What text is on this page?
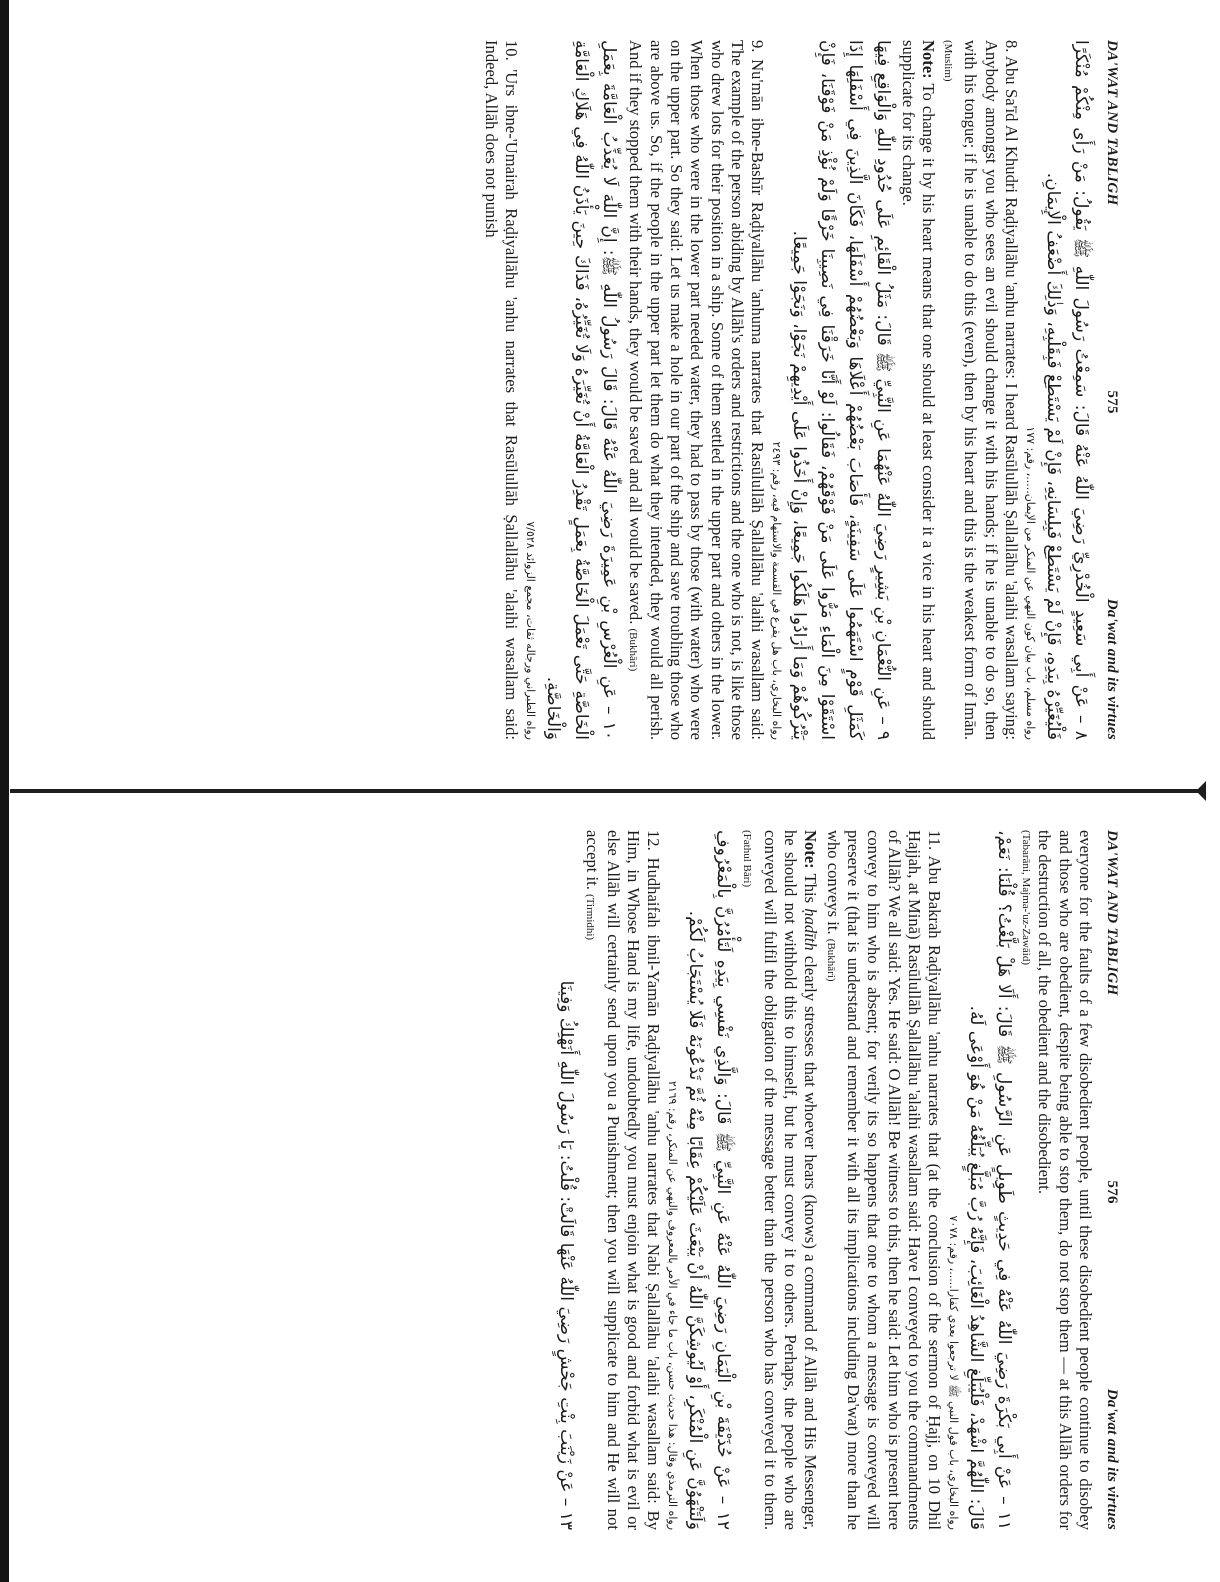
DA'WAT AND TABLIGH
575
Da'wat and its virtues

٨ – عَنْ أَبِي سَعِيدٍ الْخُدْرِيِّ رَضِيَ اللّٰهُ عَنْهُ قَالَ: سَمِعْتُ رَسُولَ اللّٰهِ ﷺ يَقُولُ: مَنْ رَأَى مِنْكُمْ مُنْكَرًا فَلْيُغَيِّرْهُ بِيَدِهِ، فَإِنْ لَمْ يَسْتَطِعْ فَبِلِسَانِهِ، فَإِنْ لَمْ يَسْتَطِعْ فَبِقَلْبِهِ، وَذٰلِكَ أَضْعَفُ الْإِيمَانِ.

رواه مسلم، باب بيان كون النهي عن المنكر من الإيمان.....، رقم: ١٧٧

8. Abu Sa'īd Al Khudri Raḍiyallāhu 'anhu narrates: I heard Rasūlullāh Ṣallallāhu 'alaihi wasallam saying: Anybody amongst you who sees an evil should change it with his hands; if he is unable to do so, then with his tongue; if he is unable to do this (even), then by his heart and this is the weakest form of Imān. (Muslim)

Note: To change it by his heart means that one should at least consider it a vice in his heart and should supplicate for its change.

٩ – عَنِ النُّعْمَانِ بْنِ بَشِيرٍ رَضِيَ اللّٰهُ عَنْهُمَا عَنِ النَّبِيِّ ﷺ قَالَ: مَثَلُ الْقَائِمِ عَلَى حُدُودِ اللّٰهِ وَالْوَاقِعِ فِيهَا كَمَثَلِ قَوْمٍ اسْتَهَمُوا عَلَى سَفِينَةٍ، فَأَصَابَ بَعْضُهُمْ أَعْلَاهَا وَبَعْضُهُمْ أَسْفَلَهَا، فَكَانَ الَّذِينَ فِي أَسْفَلِهَا إِذَا اسْتَقَوْا مِنَ الْمَاءِ مَرُّوا عَلَى مَنْ فَوْقَهُمْ، فَقَالُوا: لَوْ أَنَّا خَرَقْنَا فِي نَصِيبِنَا خَرْقًا وَلَمْ نُؤْذِ مَنْ فَوْقَنَا، فَإِنْ يَتْرُكُوهُمْ وَمَا أَرَادُوا هَلَكُوا جَمِيعًا، وَإِنْ أَخَذُوا عَلَى أَيْدِيهِمْ نَجَوْا، وَنَجَوْا جَمِيعًا.

رواه البخاري، باب هل يقرع في القسمة والاستهام فيه، رقم: ٢٤٩٣

9. Nu'mān ibne-Bashīr Raḍiyallāhu 'anhuma narrates that Rasūlullāh Ṣallallāhu 'alaihi wasallam said: The example of the person abiding by Allāh's orders and restrictions and the one who is not, is like those who drew lots for their position in a ship. Some of them settled in the upper part and others in the lower. When those who were in the lower part needed water, they had to pass by those (with water) who were on the upper part. So they said: Let us make a hole in our part of the ship and save troubling those who are above us. So, if the people in the upper part let them do what they intended, they would all perish. And if they stopped them with their hands, they would be saved and all would be saved. (Bukhāri)

١٠ – عَنِ الْعُرْسِ بْنِ عَمِيرَةَ رَضِيَ اللّٰهُ عَنْهُ قَالَ: قَالَ رَسُولُ اللّٰهِ ﷺ: إِنَّ اللّٰهَ لَا يُعَذِّبُ الْعَامَّةَ بِعَمَلِ الْخَاصَّةِ حَتَّى تَعْمَلَ الْخَاصَّةُ بِعَمَلٍ تَقْدِرُ الْعَامَّةُ أَنْ تُغَيِّرَهُ وَلَا تُغَيِّرُهُ، فَذَاكَ حِينَ يَأْذَنُ اللّٰهُ فِي هَلَاكِ الْعَامَّةِ وَالْخَاصَّةِ.

رواه الطبراني ورجاله ثقات، مجمع الزوائد ٧/٥٢٨

10. 'Urs ibne-'Umairah Raḍiyallāhu 'anhu narrates that Rasūlullāh Ṣallallāhu 'alaihi wasallam said: Indeed, Allāh does not punish

DA'WAT AND TABLIGH
576
Da'wat and its virtues

everyone for the faults of a few disobedient people, until these disobedient people continue to disobey and those who are obedient, despite being able to stop them, do not stop them — at this Allāh orders for the destruction of all, the obedient and the disobedient.

(Tabarāni, Majma-'uz-Zawāid)

١١ – عَنْ أَبِي بَكْرَةَ رَضِيَ اللّٰهُ عَنْهُ فِي حَدِيثٍ طَوِيلٍ عَنِ الرَّسُولِ ﷺ قَالَ: أَلَا هَلْ بَلَّغْتُ؟ قُلْنَا: نَعَمْ، قَالَ: اللّٰهُمَّ اشْهَدْ، فَلْيُبَلِّغِ الشَّاهِدُ الْغَائِبَ، فَإِنَّهُ رُبَّ مُبَلَّغٍ يُبَلِّغُهُ مَنْ هُوَ أَوْعَى لَهُ.

رواه البخاري، باب قول النبي ﷺ لا ترجعوا بعدي كفارا.....، رقم: ٧٠٧٨

11. Abu Bakrah Raḍiyallāhu 'anhu narrates that (at the conclusion of the sermon of Ḥajj, on 10 Dhil Ḥajjah, at Minā) Rasūlullāh Ṣallallāhu 'alaihi wasallam said: Have I conveyed to you the commandments of Allāh? We all said: Yes. He said: O Allāh! Be witness to this, then he said: Let him who is present here convey to him who is absent; for verily its so happens that one to whom a message is conveyed will preserve it (that is understand and remember it with all its implications including Da'wat) more than he who conveys it. (Bukhāri)

Note: This ḥadīth clearly stresses that whoever hears (knows) a command of Allāh and His Messenger, he should not withhold this to himself, but he must convey it to others. Perhaps, the people who are conveyed will fulfil the obligation of the message better than the person who has conveyed it to them. (Fathul Bāri)

١٢ – عَنْ حُذَيْفَةَ بْنِ الْيَمَانِ رَضِيَ اللّٰهُ عَنْهُ عَنِ النَّبِيِّ ﷺ قَالَ: وَالَّذِي نَفْسِي بِيَدِهِ لَتَأْمُرُنَّ بِالْمَعْرُوفِ وَلَتَنْهَوُنَّ عَنِ الْمُنْكَرِ، أَوْ لَيُوشِكَنَّ اللّٰهُ أَنْ يَبْعَثَ عَلَيْكُمْ عِقَابًا مِنْهُ ثُمَّ تَدْعُونَهُ فَلَا يُسْتَجَابُ لَكُمْ.

رواه الترمذي وقال: هذا حديث حسن، باب ما جاء في الأمر بالمعروف والنهي عن المنكر، رقم: ٢١٦٩

12. Hudhaifah ibnil-Yamān Raḍiyallāhu 'anhu narrates that Nabi Ṣallallāhu 'alaihi wasallam said: By Him, in Whose Hand is my life, undoubtedly you must enjoin what is good and forbid what is evil or else Allāh will certainly send upon you a Punishment; then you will supplicate to him and He will not accept it. (Tirmidhi)

١٣ – عَنْ زَيْنَبَ بِنْتِ جَحْشٍ رَضِيَ اللّٰهُ عَنْهَا قَالَتْ: قُلْتُ: يَا رَسُولَ اللّٰهِ أَنَهْلِكُ وَفِينَا
